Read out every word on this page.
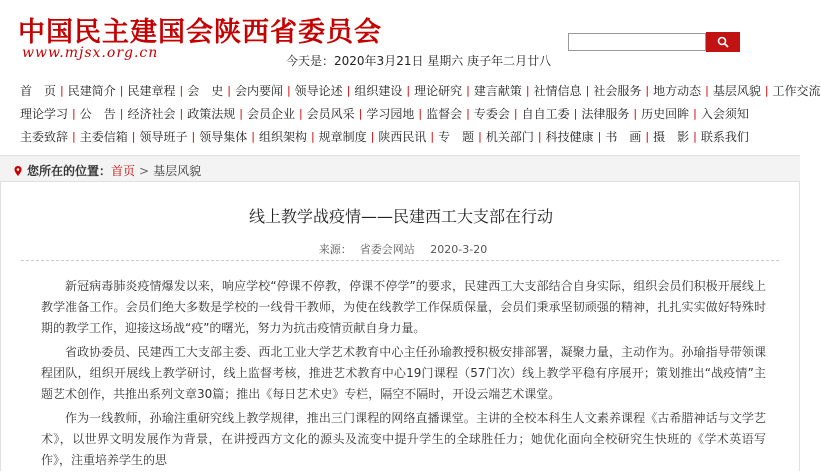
中国民主建国会陕西省委员会
www.mjsx.org.cn	今天是：2020年3月21日 星期六 庚子年二月廿八
首　页 | 民建简介 | 民建章程 | 会　史 | 会内要闻 | 领导论述 | 组织建设 | 理论研究 | 建言献策 | 社情信息 | 社会服务 | 地方动态 | 基层风貌 | 工作交流
理论学习 | 公　告 | 经济社会 | 政策法规 | 会员企业 | 会员风采 | 学习园地 | 监督会 | 专委会 | 自自工委 | 法律服务 | 历史回眸 | 入会须知
主委致辞 | 主委信箱 | 领导班子 | 领导集体 | 组织架构 | 规章制度 | 陕西民讯 | 专　题 | 机关部门 | 科技健康 | 书　画 | 摄　影 | 联系我们
您所在的位置： 首页 > 基层风貌
线上教学战疫情——民建西工大支部在行动
来源： 省委会网站 2020-3-20

新冠病毒肺炎疫情爆发以来，响应学校“停课不停教，停课不停学”的要求，民建西工大支部结合自身实际，组织会员们积极开展线上教学准备工作。会员们绝大多数是学校的一线骨干教师，为使在线教学工作保质保量，会员们秉承坚韧顽强的精神，扎扎实实做好特殊时期的教学工作，迎接这场战“疫”的曙光，努力为抗击疫情贡献自身力量。

省政协委员、民建西工大支部主委、西北工业大学艺术教育中心主任孙瑜教授积极安排部署，凝聚力量，主动作为。孙瑜指导带领课程团队，组织开展线上教学研讨，线上监督考核，推进艺术教育中心19门课程（57门次）线上教学平稳有序展开；策划推出“战疫情”主题艺术创作，共推出系列文章30篇；推出《每日艺术史》专栏，隔空不隔时，开设云端艺术课堂。

作为一线教师，孙瑜注重研究线上教学规律，推出三门课程的网络直播课堂。主讲的全校本科生人文素养课程《古希腊神话与文学艺术》，以世界文明发展作为背景，在讲授西方文化的源头及流变中提升学生的全球胜任力；她优化面向全校研究生快班的《学术英语写作》，注重培养学生的思
